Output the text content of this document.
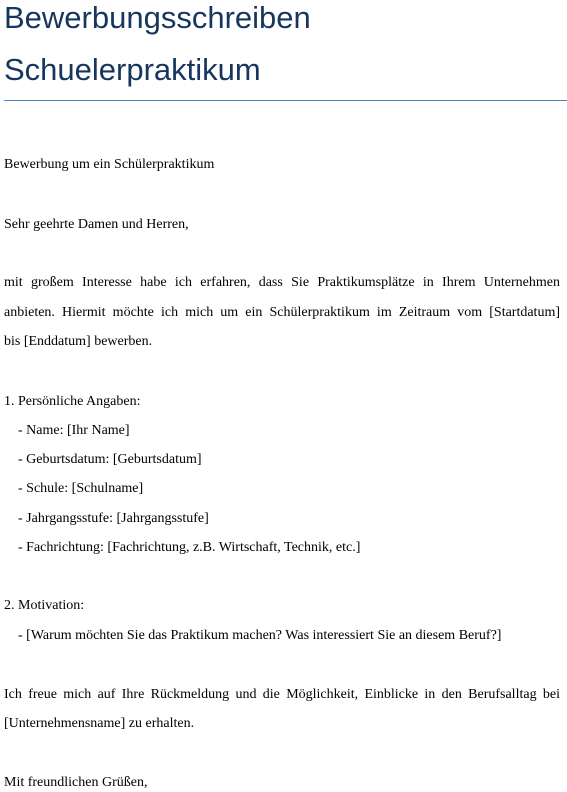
Bewerbungsschreiben
Schuelerpraktikum

Bewerbung um ein Schülerpraktikum

Sehr geehrte Damen und Herren,

mit großem Interesse habe ich erfahren, dass Sie Praktikumsplätze in Ihrem Unternehmen

anbieten. Hiermit möchte ich mich um ein Schülerpraktikum im Zeitraum vom [Startdatum]

bis [Enddatum] bewerben.

1. Persönliche Angaben:

- Name: [Ihr Name]

- Geburtsdatum: [Geburtsdatum]

- Schule: [Schulname]

- Jahrgangsstufe: [Jahrgangsstufe]

- Fachrichtung: [Fachrichtung, z.B. Wirtschaft, Technik, etc.]

2. Motivation:

- [Warum möchten Sie das Praktikum machen? Was interessiert Sie an diesem Beruf?]

Ich freue mich auf Ihre Rückmeldung und die Möglichkeit, Einblicke in den Berufsalltag bei

[Unternehmensname] zu erhalten.

Mit freundlichen Grüßen,
